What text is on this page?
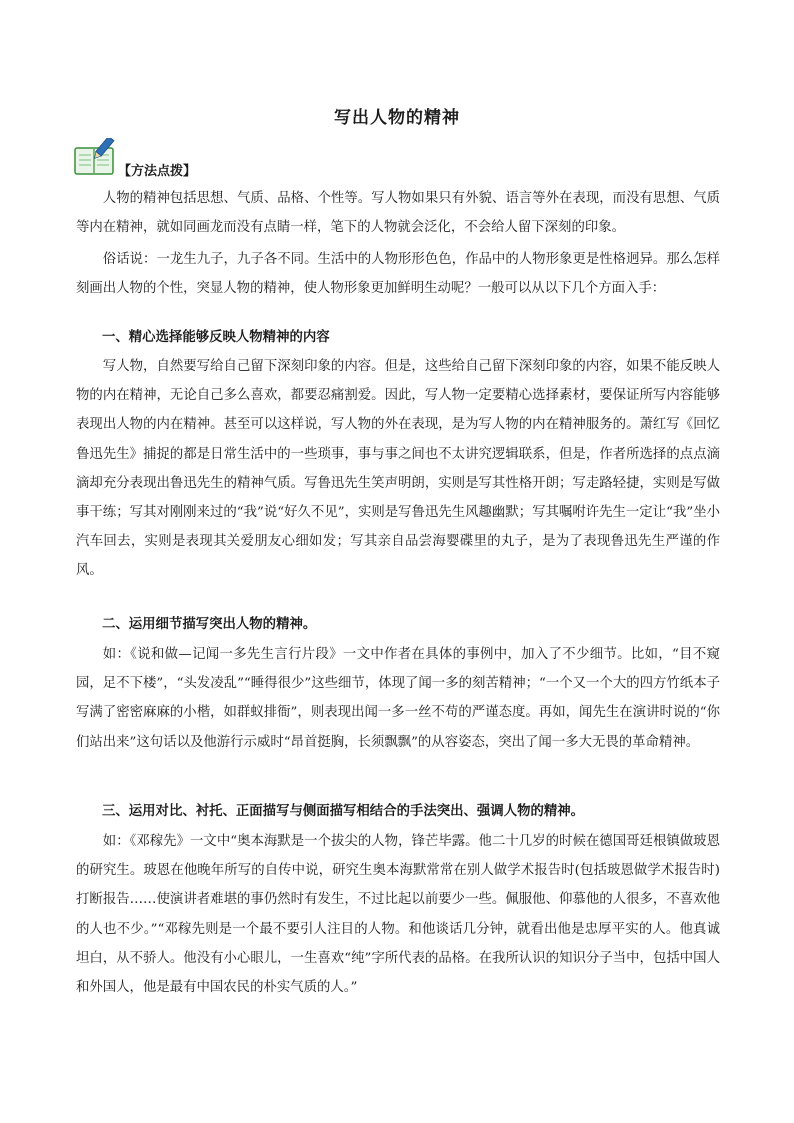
写出人物的精神
【方法点拨】

人物的精神包括思想、气质、品格、个性等。写人物如果只有外貌、语言等外在表现，而没有思想、气质等内在精神，就如同画龙而没有点睛一样，笔下的人物就会泛化，不会给人留下深刻的印象。

俗话说：一龙生九子，九子各不同。生活中的人物形形色色，作品中的人物形象更是性格迥异。那么怎样刻画出人物的个性，突显人物的精神，使人物形象更加鲜明生动呢？一般可以从以下几个方面入手：

一、精心选择能够反映人物精神的内容

写人物，自然要写给自己留下深刻印象的内容。但是，这些给自己留下深刻印象的内容，如果不能反映人物的内在精神，无论自己多么喜欢，都要忍痛割爱。因此，写人物一定要精心选择素材，要保证所写内容能够表现出人物的内在精神。甚至可以这样说，写人物的外在表现，是为写人物的内在精神服务的。萧红写《回忆鲁迅先生》捕捉的都是日常生活中的一些琐事，事与事之间也不太讲究逻辑联系，但是，作者所选择的点点滴滴却充分表现出鲁迅先生的精神气质。写鲁迅先生笑声明朗，实则是写其性格开朗；写走路轻捷，实则是写做事干练；写其对刚刚来过的“我”说“好久不见”，实则是写鲁迅先生风趣幽默；写其嘱咐许先生一定让“我”坐小汽车回去，实则是表现其关爱朋友心细如发；写其亲自品尝海婴碟里的丸子，是为了表现鲁迅先生严谨的作风。

二、运用细节描写突出人物的精神。

如：《说和做—记闻一多先生言行片段》一文中作者在具体的事例中，加入了不少细节。比如，“目不窥园，足不下楼”，“头发凌乱”“睡得很少”这些细节，体现了闻一多的刻苦精神；“一个又一个大的四方竹纸本子写满了密密麻麻的小楷，如群蚁排衙”，则表现出闻一多一丝不苟的严谨态度。再如，闻先生在演讲时说的“你们站出来”这句话以及他游行示威时“昂首挺胸，长须飘飘”的从容姿态，突出了闻一多大无畏的革命精神。

三、运用对比、衬托、正面描写与侧面描写相结合的手法突出、强调人物的精神。

如：《邓稼先》一文中“奥本海默是一个拔尖的人物，锋芒毕露。他二十几岁的时候在德国哥廷根镇做玻恩的研究生。玻恩在他晚年所写的自传中说，研究生奥本海默常常在别人做学术报告时(包括玻恩做学术报告时)打断报告……使演讲者难堪的事仍然时有发生，不过比起以前要少一些。佩服他、仰慕他的人很多，不喜欢他的人也不少。”“邓稼先则是一个最不要引人注目的人物。和他谈话几分钟，就看出他是忠厚平实的人。他真诚坦白，从不骄人。他没有小心眼儿，一生喜欢“纯”字所代表的品格。在我所认识的知识分子当中，包括中国人和外国人，他是最有中国农民的朴实气质的人。”
